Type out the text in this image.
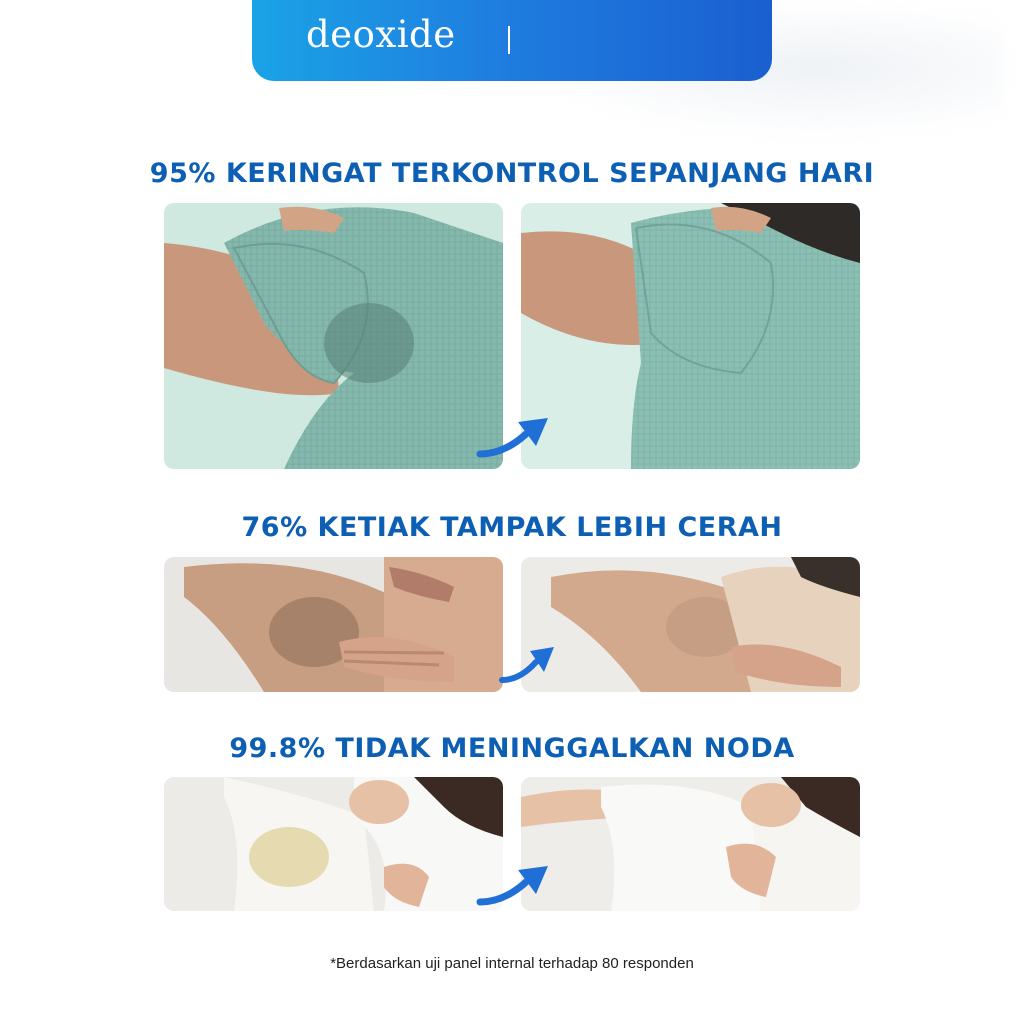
deoxide
95% KERINGAT TERKONTROL SEPANJANG HARI
76% KETIAK TAMPAK LEBIH CERAH
99.8% TIDAK MENINGGALKAN NODA
*Berdasarkan uji panel internal terhadap 80 responden
